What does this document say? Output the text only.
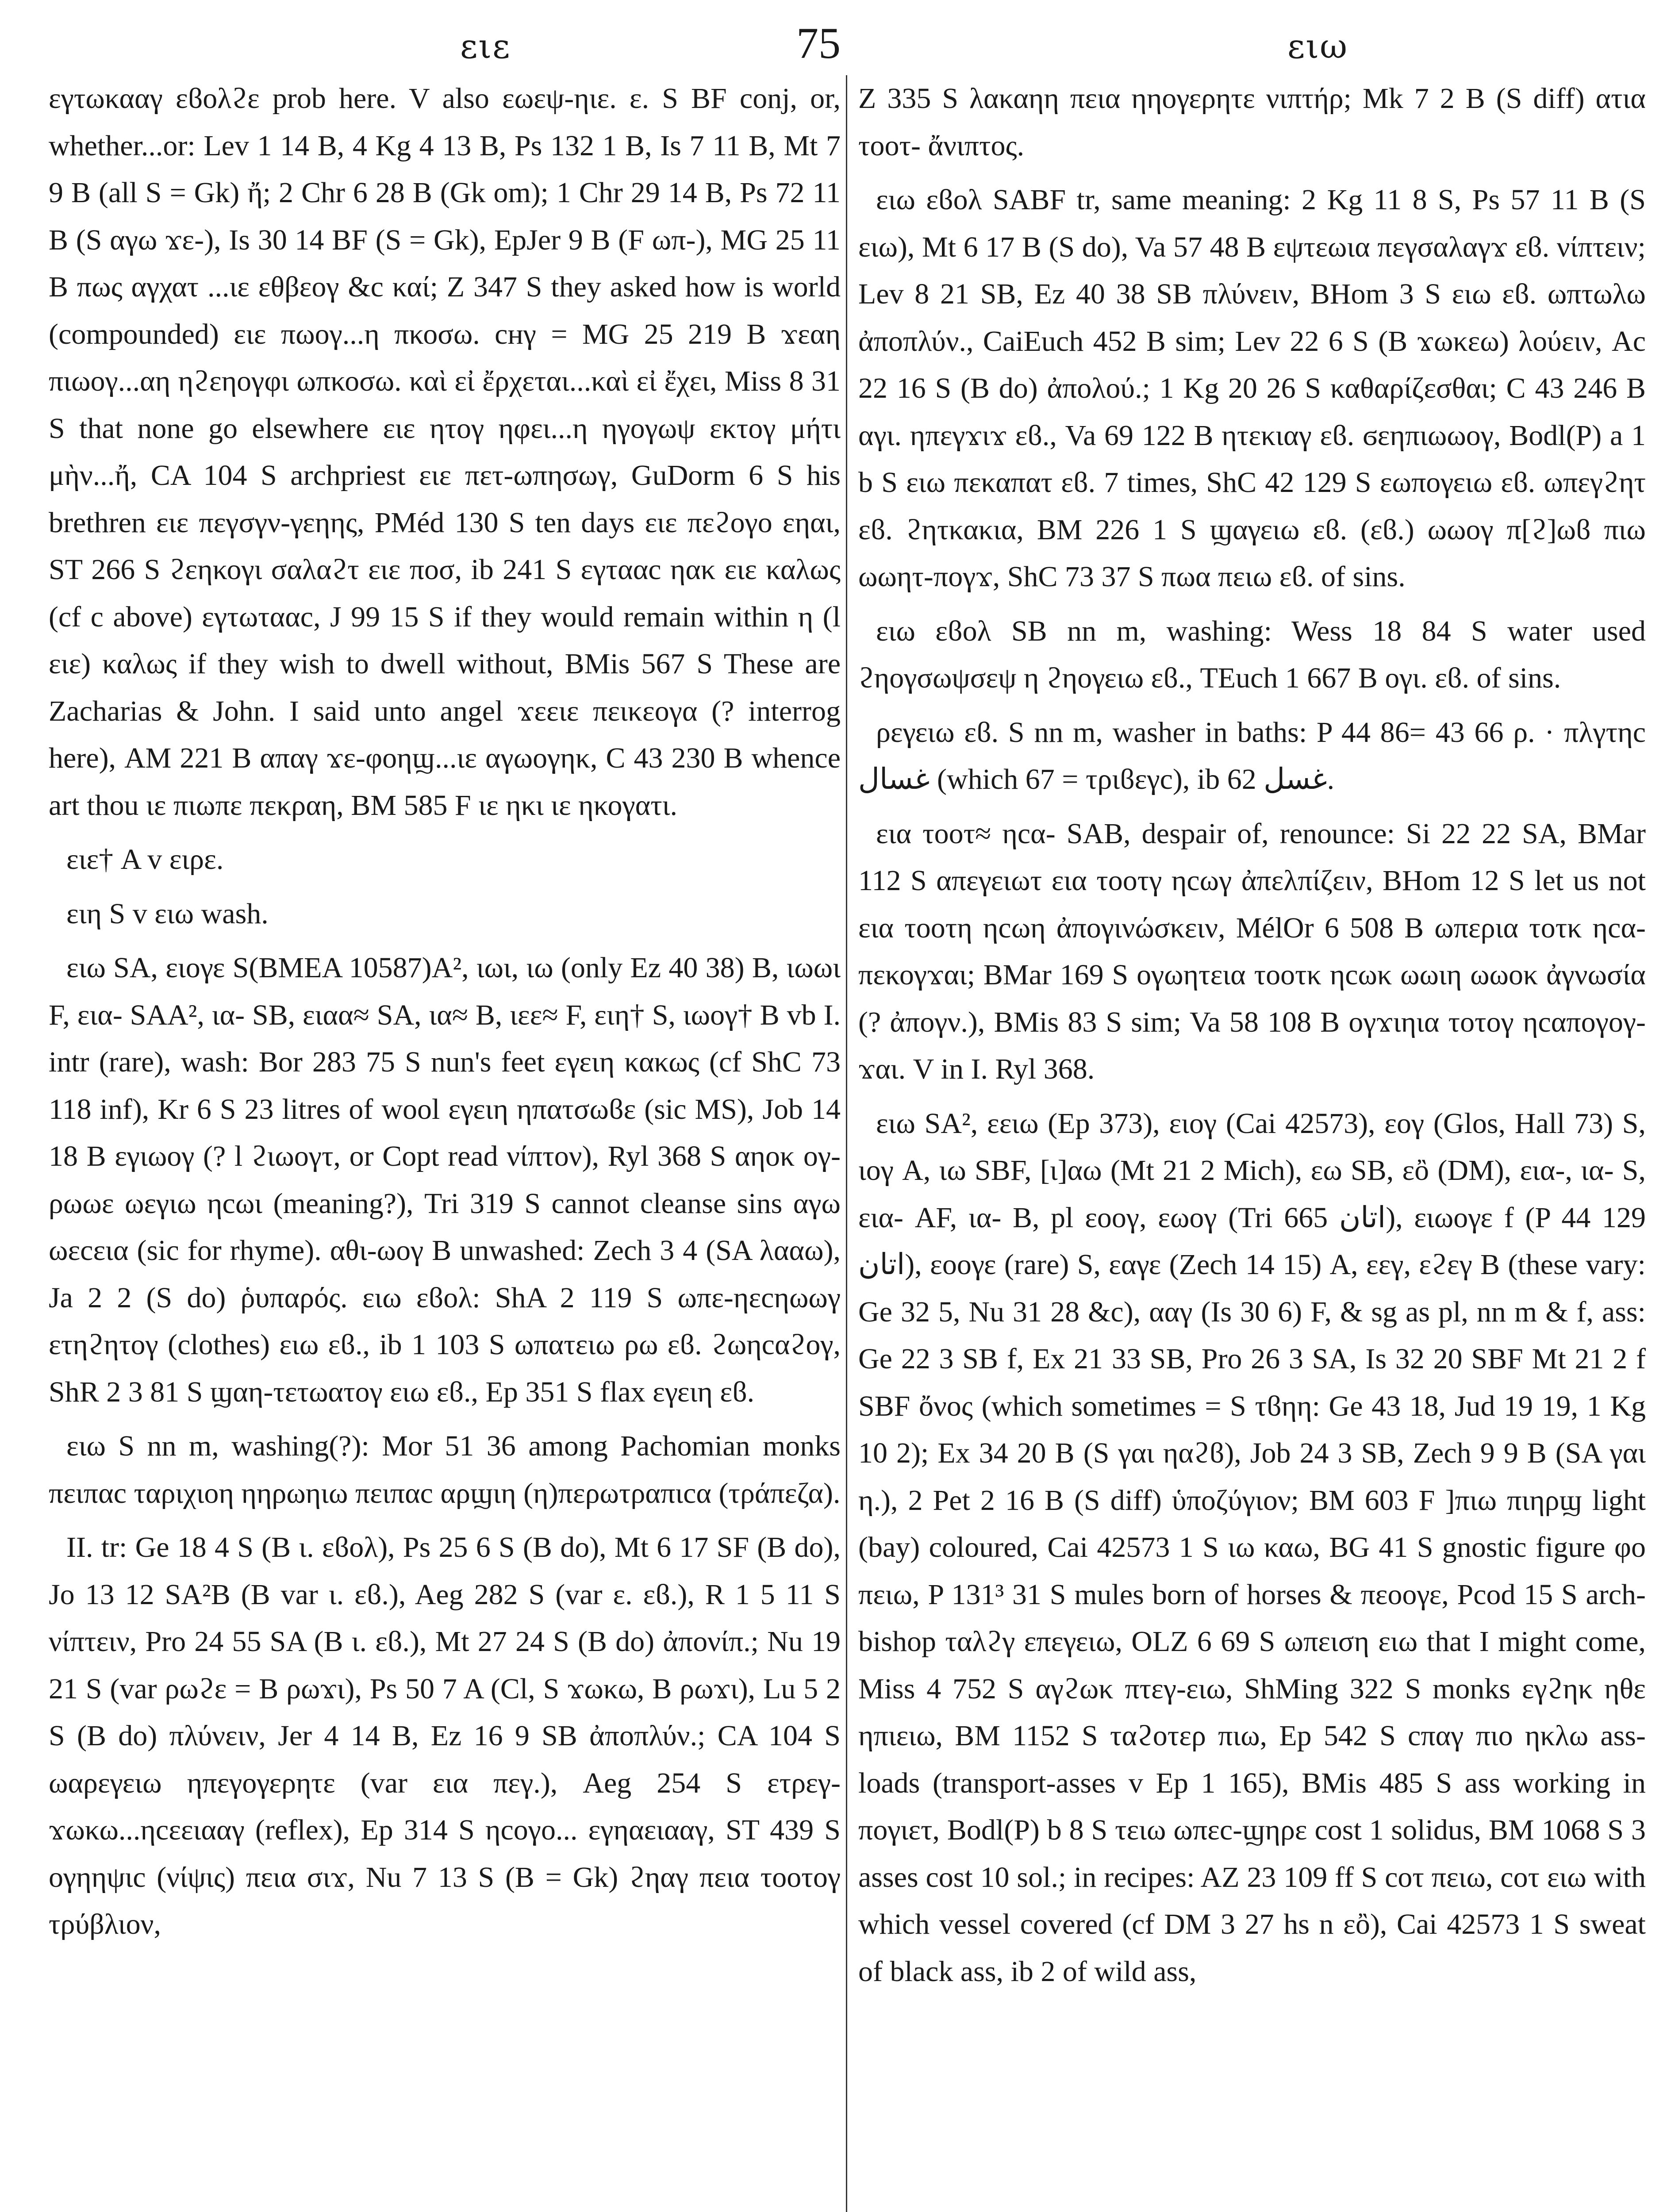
ειε	75	ειω

εγτωκααγ εϐολϩε prob here. V also εωεψ-ηιε. ε. S BF conj, or, whether...or: Lev 1 14 B, 4 Kg 4 13 B, Ps 132 1 B, Is 7 11 B, Mt 7 9 B (all S = Gk) ἤ; 2 Chr 6 28 B (Gk om); 1 Chr 29 14 B, Ps 72 11 B (S αγω ϫε-), Is 30 14 BF (S = Gk), EpJer 9 B (F ωπ-), MG 25 11 B πως αγχατ ...ιε εθβεογ &c καί; Z 347 S they asked how is world (compounded) ειε πωογ...η πκοσω. cнγ = MG 25 219 B ϫεαη πιωογ...αη ηϩεηογφι ωπκοσω. καὶ εἰ ἔρχεται...καὶ εἰ ἔχει, Miss 8 31 S that none go elsewhere ειε ητογ ηφει...η ηγογωψ εκτογ μήτι μὴν...ἤ, CA 104 S archpriest ειε πετ-ωπησωγ, GuDorm 6 S his brethren ειε πεγσγν-γεηης, PMéd 130 S ten days ειε πεϩογο εηαι, ST 266 S ϩεηκογι σαλαϩτ ειε ποσ, ib 241 S εγτααc ηακ ειε καλως (cf c above) εγτωτααc, J 99 15 S if they would remain within η (l ειε) καλως if they wish to dwell without, BMis 567 S These are Zacharias & John. I said unto angel ϫεειε πεικεογα (? interrog here), AM 221 B απαγ ϫε-φοηϣ...ιε αγωογηκ, C 43 230 B whence art thou ιε πιωπε πεκραη, BM 585 F ιε ηκι ιε ηκογατι.

ειε† A v ειρε.

ειη S v ειω wash.

ειω SA, ειογε S(BMEA 10587)A², ιωι, ιω (only Ez 40 38) B, ιωωι F, εια- SAA², ια- SB, ειαα≈ SA, ια≈ B, ιεε≈ F, ειη† S, ιωογ† B vb I. intr (rare), wash: Bor 283 75 S nun's feet εγειη κακως (cf ShC 73 118 inf), Kr 6 S 23 litres of wool εγειη ηπατσωϐε (sic MS), Job 14 18 B εγιωογ (? l ϩιωογτ, or Copt read νίπτον), Ryl 368 S αηοκ ογ-ρωωε ωεγιω ηcωι (meaning?), Tri 319 S cannot cleanse sins αγω ωεcεια (sic for rhyme). αθι-ωογ B unwashed: Zech 3 4 (SA λααω), Ja 2 2 (S do) ῥυπαρός. ειω εϐολ: ShA 2 119 S ωπε-ηεcηωωγ ετηϩητογ (clothes) ειω εϐ., ib 1 103 S ωπατειω ρω εϐ. ϩωηcαϩογ, ShR 2 3 81 S ϣαη-τετωατογ ειω εϐ., Ep 351 S flax εγειη εϐ.

ειω S nn m, washing(?): Mor 51 36 among Pachomian monks πειπαc ταριχιοη ηηρωηιω πειπαc αρϣιη (η)περωτραπιcα (τράπεζα).

II. tr: Ge 18 4 S (B ι. εϐολ), Ps 25 6 S (B do), Mt 6 17 SF (B do), Jo 13 12 SA²B (B var ι. εϐ.), Aeg 282 S (var ε. εϐ.), R 1 5 11 S νίπτειν, Pro 24 55 SA (B ι. εϐ.), Mt 27 24 S (B do) ἀπονίπ.; Nu 19 21 S (var ρωϩε = B ρωϫι), Ps 50 7 A (Cl, S ϫωκω, B ρωϫι), Lu 5 2 S (B do) πλύνειν, Jer 4 14 B, Ez 16 9 SB ἀποπλύν.; CA 104 S ωαρεγειω ηπεγογερητε (var εια πεγ.), Aeg 254 S ετρεγ-ϫωκω...ηcεειααγ (reflex), Ep 314 S ηcογο... εγηαειααγ, ST 439 S ογηηψιc (νίψις) πεια σιϫ, Nu 7 13 S (B = Gk) ϩηαγ πεια τοοτογ τρύβλιον,

Z 335 S λακαηη πεια ηηογερητε νιπτήρ; Mk 7 2 B (S diff) ατια τοοτ- ἄνιπτος.

ειω εϐολ SABF tr, same meaning: 2 Kg 11 8 S, Ps 57 11 B (S ειω), Mt 6 17 B (S do), Va 57 48 B εψτεωια πεγσαλαγϫ εϐ. νίπτειν; Lev 8 21 SB, Ez 40 38 SB πλύνειν, BHom 3 S ειω εϐ. ωπτωλω ἀποπλύν., CaiEuch 452 B sim; Lev 22 6 S (B ϫωκεω) λούειν, Ac 22 16 S (B do) ἀπολού.; 1 Kg 20 26 S καθαρίζεσθαι; C 43 246 B αγι. ηπεγϫιϫ εϐ., Va 69 122 B ητεκιαγ εϐ. ϭεηπιωωογ, Bodl(P) a 1 b S ειω πεκαπατ εϐ. 7 times, ShC 42 129 S εωπογειω εϐ. ωπεγϩητ εϐ. ϩητκακια, BM 226 1 S ϣαγειω εϐ. (εϐ.) ωωογ π[ϩ]ωϐ πιω ωωητ-πογϫ, ShC 73 37 S πωα πειω εϐ. of sins.

ειω εϐολ SB nn m, washing: Wess 18 84 S water used ϩηογσωψσεψ η ϩηογειω εϐ., TEuch 1 667 B ογι. εϐ. of sins.

ρεγειω εϐ. S nn m, washer in baths: P 44 86= 43 66 ρ. · πλγτηc غسال (which 67 = τριϐεγc), ib 62 غسل.

εια τοοτ≈ ηcα- SAB, despair of, renounce: Si 22 22 SA, BMar 112 S απεγειωτ εια τοοτγ ηcωγ ἀπελπίζειν, BHom 12 S let us not εια τοοτη ηcωη ἀπογινώσκειν, MélOr 6 508 B ωπερια τοτκ ηcα-πεκογϫαι; BMar 169 S ογωητεια τοοτκ ηcωκ ωωιη ωωοκ ἀγνωσία (? ἀπογν.), BMis 83 S sim; Va 58 108 B ογϫιηια τοτογ ηcαπογογ-ϫαι. V in I. Ryl 368.

ειω SA², εειω (Ep 373), ειογ (Cai 42573), εογ (Glos, Hall 73) S, ιογ A, ιω SBF, [ι]αω (Mt 21 2 Mich), εω SB, εὂ (DM), εια-, ια- S, εια- AF, ια- B, pl εοογ, εωογ (Tri 665 اتان), ειωογε f (P 44 129 اتان), εοογε (rare) S, εαγε (Zech 14 15) A, εεγ, εϩεγ B (these vary: Ge 32 5, Nu 31 28 &c), ααγ (Is 30 6) F, & sg as pl, nn m & f, ass: Ge 22 3 SB f, Ex 21 33 SB, Pro 26 3 SA, Is 32 20 SBF Mt 21 2 f SBF ὄνος (which sometimes = S τϐηη: Ge 43 18, Jud 19 19, 1 Kg 10 2); Ex 34 20 B (S γαι ηαϩϐ), Job 24 3 SB, Zech 9 9 B (SA γαι η.), 2 Pet 2 16 B (S diff) ὑποζύγιον; BM 603 F ]πιω πιηρϣ light (bay) coloured, Cai 42573 1 S ιω καω, BG 41 S gnostic figure φο πειω, P 131³ 31 S mules born of horses & πεοογε, Pcod 15 S arch-bishop ταλϩγ επεγειω, OLZ 6 69 S ωπειση ειω that I might come, Miss 4 752 S αγϩωκ πτεγ-ειω, ShMing 322 S monks εγϩηκ ηθε ηπιειω, BM 1152 S ταϩοτερ πιω, Ep 542 S cπαγ πιο ηκλω ass-loads (transport-asses v Ep 1 165), BMis 485 S ass working in πογιετ, Bodl(P) b 8 S τειω ωπεc-ϣηρε cost 1 solidus, BM 1068 S 3 asses cost 10 sol.; in recipes: AZ 23 109 ff S cοτ πειω, cοτ ειω with which vessel covered (cf DM 3 27 hs n εὂ), Cai 42573 1 S sweat of black ass, ib 2 of wild ass,
